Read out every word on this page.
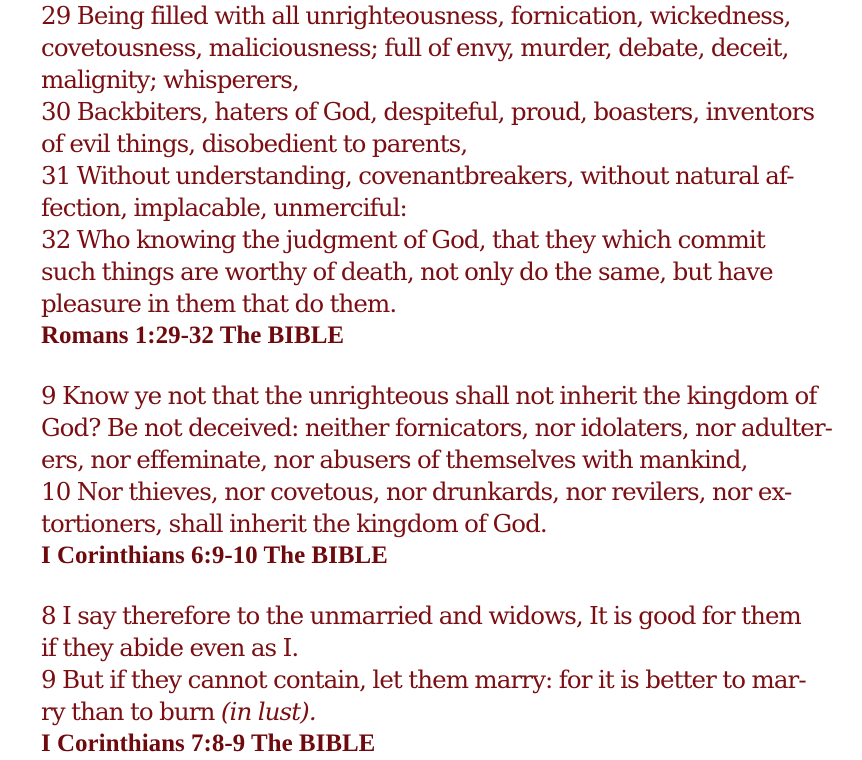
29 Being filled with all unrighteousness, fornication, wickedness,
covetousness, maliciousness; full of envy, murder, debate, deceit,
malignity; whisperers,
30 Backbiters, haters of God, despiteful, proud, boasters, inventors
of evil things, disobedient to parents,
31 Without understanding, covenantbreakers, without natural af-
fection, implacable, unmerciful:
32 Who knowing the judgment of God, that they which commit
such things are worthy of death, not only do the same, but have
pleasure in them that do them.
Romans 1:29-32 The BIBLE
9 Know ye not that the unrighteous shall not inherit the kingdom of
God? Be not deceived: neither fornicators, nor idolaters, nor adulter-
ers, nor effeminate, nor abusers of themselves with mankind,
10 Nor thieves, nor covetous, nor drunkards, nor revilers, nor ex-
tortioners, shall inherit the kingdom of God.
I Corinthians 6:9-10 The BIBLE
8 I say therefore to the unmarried and widows, It is good for them
if they abide even as I.
9 But if they cannot contain, let them marry: for it is better to mar-
ry than to burn (in lust).
I Corinthians 7:8-9 The BIBLE
